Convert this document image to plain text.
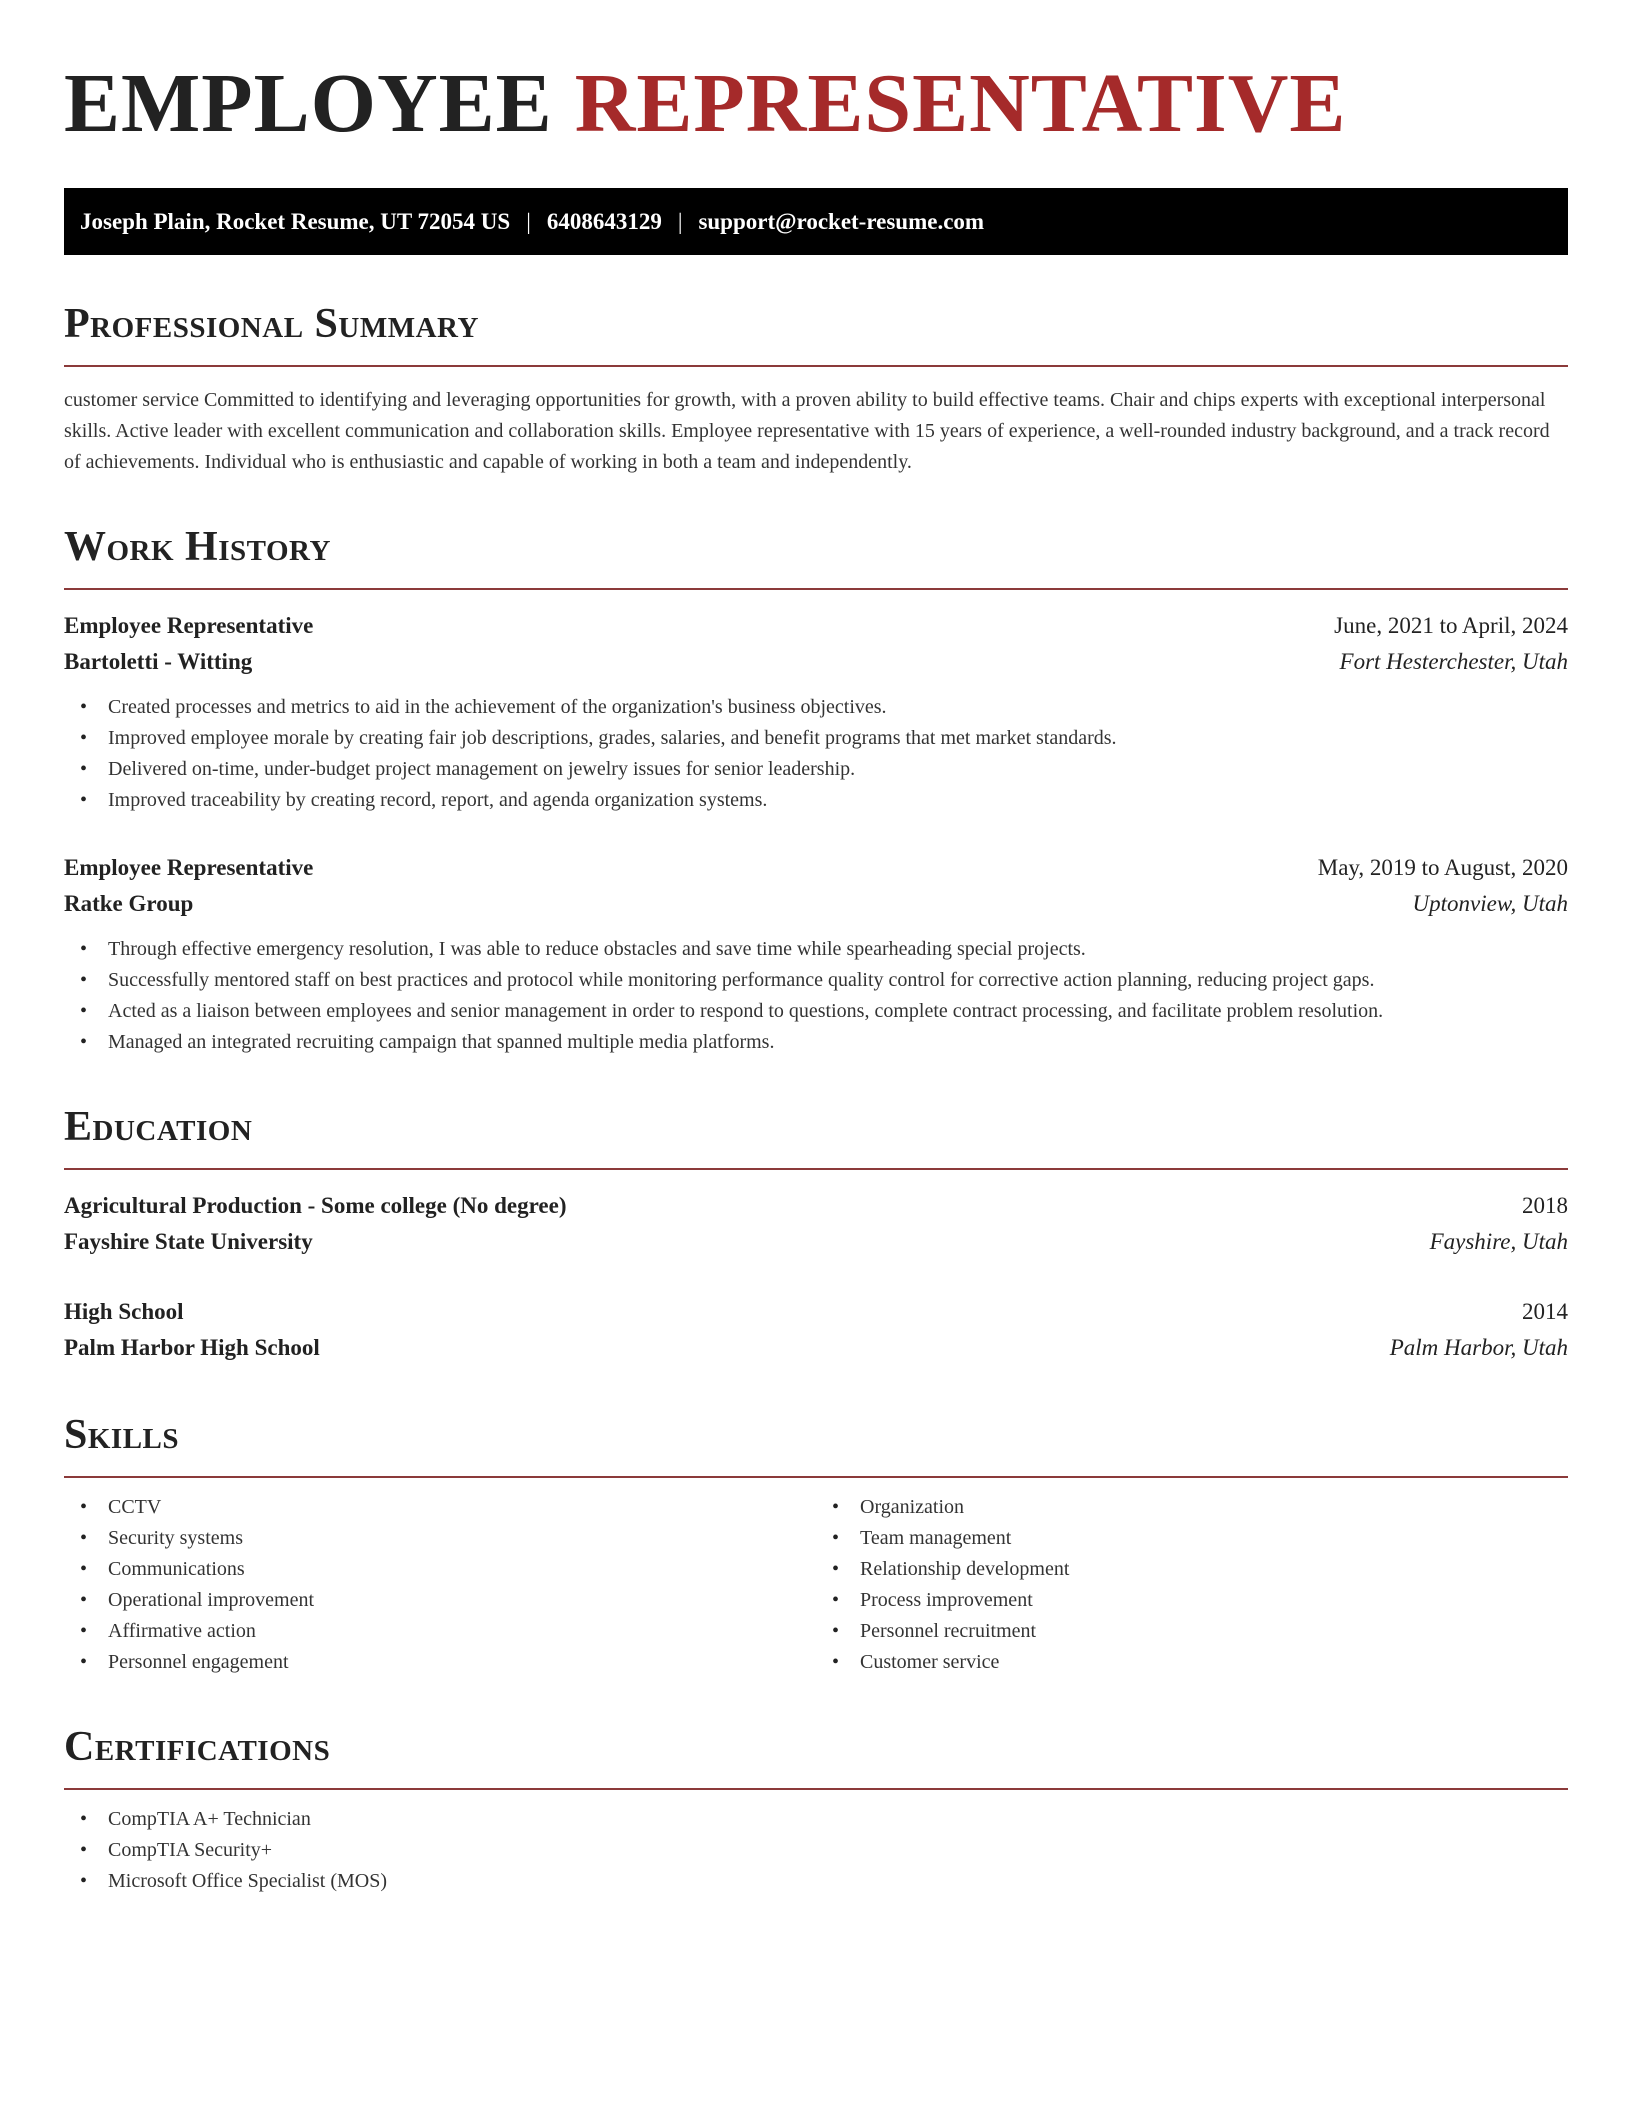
EMPLOYEE REPRESENTATIVE
Joseph Plain, Rocket Resume, UT 72054 US | 6408643129 | support@rocket-resume.com
Professional Summary

customer service Committed to identifying and leveraging opportunities for growth, with a proven ability to build effective teams. Chair and chips experts with exceptional interpersonal skills. Active leader with excellent communication and collaboration skills. Employee representative with 15 years of experience, a well-rounded industry background, and a track record of achievements. Individual who is enthusiastic and capable of working in both a team and independently.

Work History
Employee Representative	June, 2021 to April, 2024
Bartoletti - Witting	Fort Hesterchester, Utah
• Created processes and metrics to aid in the achievement of the organization's business objectives.
• Improved employee morale by creating fair job descriptions, grades, salaries, and benefit programs that met market standards.
• Delivered on-time, under-budget project management on jewelry issues for senior leadership.
• Improved traceability by creating record, report, and agenda organization systems.
Employee Representative	May, 2019 to August, 2020
Ratke Group	Uptonview, Utah
• Through effective emergency resolution, I was able to reduce obstacles and save time while spearheading special projects.
• Successfully mentored staff on best practices and protocol while monitoring performance quality control for corrective action planning, reducing project gaps.
• Acted as a liaison between employees and senior management in order to respond to questions, complete contract processing, and facilitate problem resolution.
• Managed an integrated recruiting campaign that spanned multiple media platforms.
Education
Agricultural Production - Some college (No degree)	2018
Fayshire State University	Fayshire, Utah
High School	2014
Palm Harbor High School	Palm Harbor, Utah
Skills
• CCTV
• Security systems
• Communications
• Operational improvement
• Affirmative action
• Personnel engagement
• Organization
• Team management
• Relationship development
• Process improvement
• Personnel recruitment
• Customer service
Certifications
• CompTIA A+ Technician
• CompTIA Security+
• Microsoft Office Specialist (MOS)
